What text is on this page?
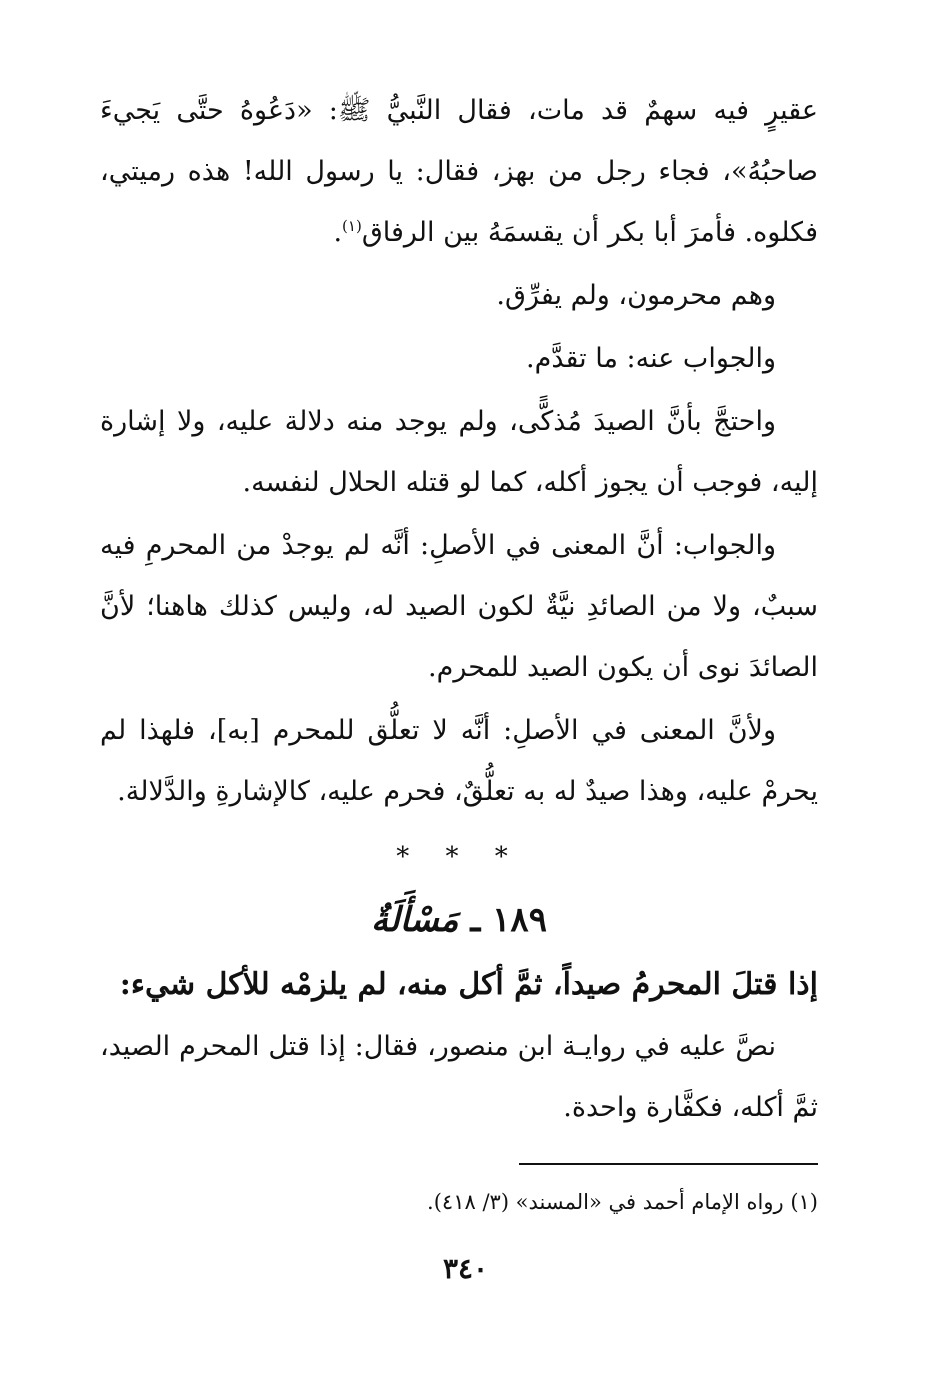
عقيرٍ فيه سهمٌ قد مات، فقال النَّبيُّ ﷺ: «دَعُوهُ حتَّى يَجيءَ صاحبُهُ»، فجاء رجل من بهز، فقال: يا رسول الله! هذه رميتي، فكلوه. فأمرَ أبا بكر أن يقسمَهُ بين الرفاق$^{(١)}$.

وهم محرمون، ولم يفرِّق.

والجواب عنه: ما تقدَّم.

واحتجَّ بأنَّ الصيدَ مُذكًّى، ولم يوجد منه دلالة عليه، ولا إشارة إليه، فوجب أن يجوز أكله، كما لو قتله الحلال لنفسه.

والجواب: أنَّ المعنى في الأصلِ: أنَّه لم يوجدْ من المحرمِ فيه سببٌ، ولا من الصائدِ نيَّةٌ لكون الصيد له، وليس كذلك هاهنا؛ لأنَّ الصائدَ نوى أن يكون الصيد للمحرم.

ولأنَّ المعنى في الأصلِ: أنَّه لا تعلُّق للمحرم [به]، فلهذا لم يحرمْ عليه، وهذا صيدٌ له به تعلُّقٌ، فحرم عليه، كالإشارةِ والدَّلالة.

* * *
١٨٩ ـ مَسْأَلَةٌ

إذا قتلَ المحرمُ صيداً، ثمَّ أكل منه، لم يلزمْه للأكل شيء:

نصَّ عليه في روايـة ابن منصور، فقال: إذا قتل المحرم الصيد، ثمَّ أكله، فكفَّارة واحدة.

(١) رواه الإمام أحمد في «المسند» (٣/ ٤١٨).
٣٤٠
